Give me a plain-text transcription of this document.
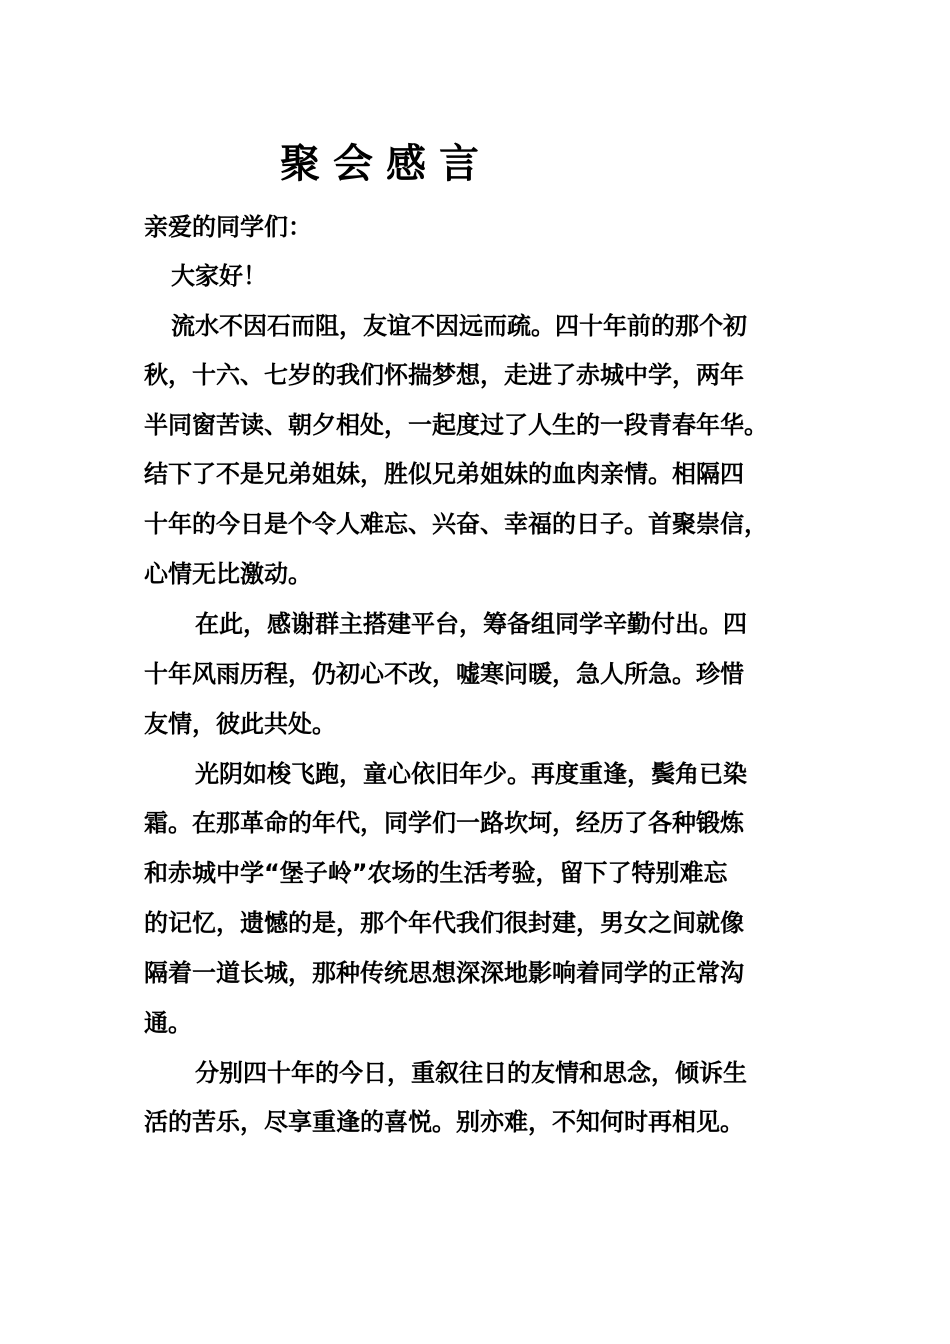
聚会感言
亲爱的同学们：
大家好！
流水不因石而阻，友谊不因远而疏。四十年前的那个初
秋，十六、七岁的我们怀揣梦想，走进了赤城中学，两年
半同窗苦读、朝夕相处，一起度过了人生的一段青春年华。
结下了不是兄弟姐妹，胜似兄弟姐妹的血肉亲情。相隔四
十年的今日是个令人难忘、兴奋、幸福的日子。首聚崇信，
心情无比激动。
在此，感谢群主搭建平台，筹备组同学辛勤付出。四
十年风雨历程，仍初心不改，嘘寒问暖，急人所急。珍惜
友情，彼此共处。
光阴如梭飞跑，童心依旧年少。再度重逢，鬓角已染
霜。在那革命的年代，同学们一路坎坷，经历了各种锻炼
和赤城中学“堡子岭”农场的生活考验，留下了特别难忘
的记忆，遗憾的是，那个年代我们很封建，男女之间就像
隔着一道长城，那种传统思想深深地影响着同学的正常沟
通。
分别四十年的今日，重叙往日的友情和思念，倾诉生
活的苦乐，尽享重逢的喜悦。别亦难，不知何时再相见。
